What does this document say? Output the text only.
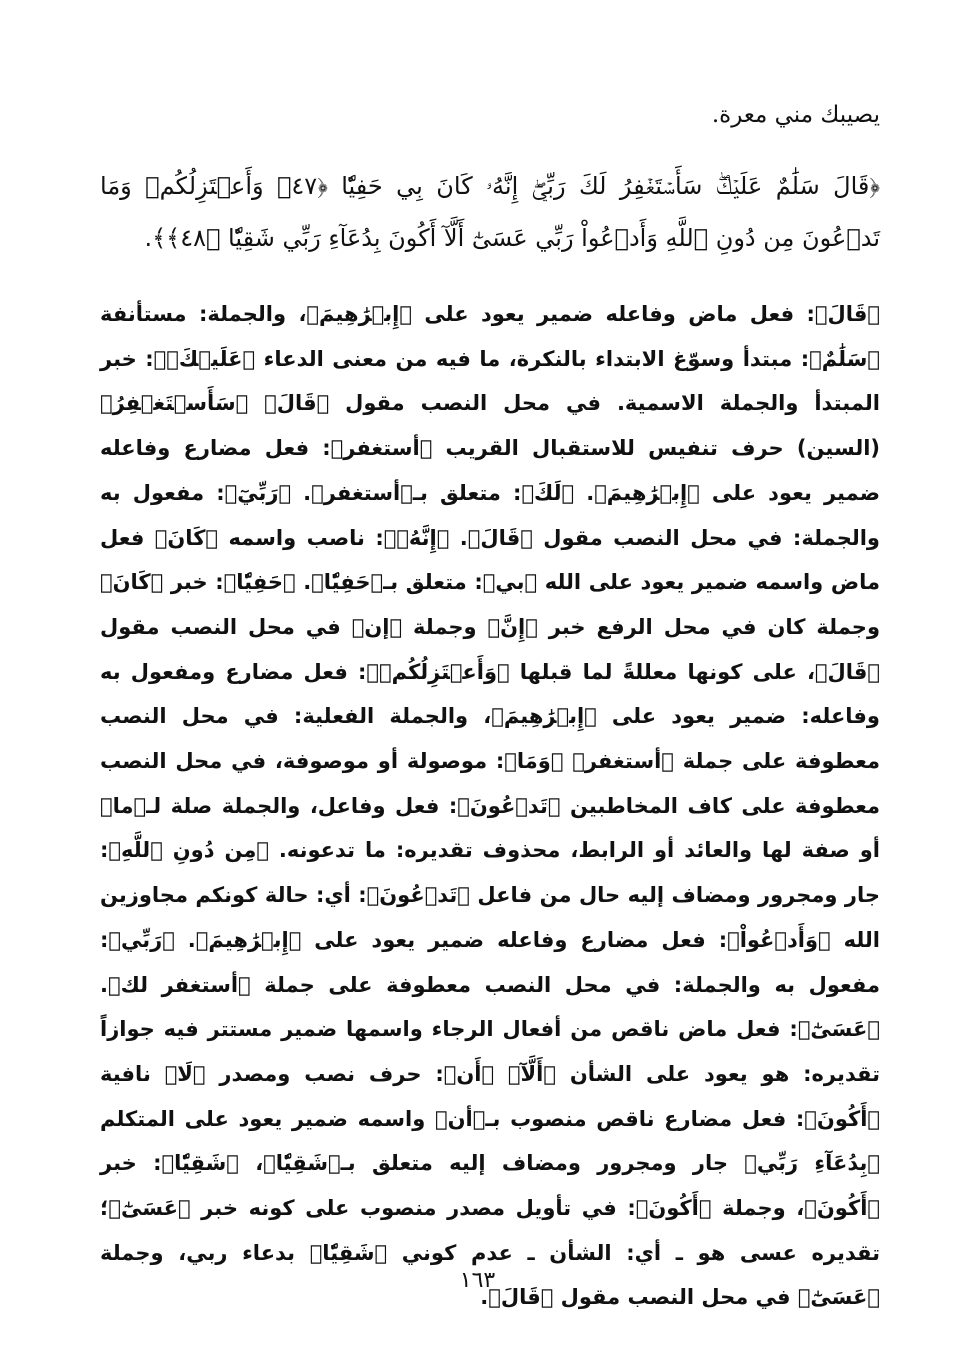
يصيبك مني معرة.
﴿قَالَ سَلَٰمٌ عَلَيۡكَۖ سَأَسۡتَغۡفِرُ لَكَ رَبِّيٓۖ إِنَّهُۥ كَانَ بِي حَفِيّٗا ﴿٤٧﴾ وَأَعۡتَزِلُكُمۡ وَمَا تَدۡعُونَ مِن دُونِ ٱللَّهِ وَأَدۡعُواْ رَبِّي عَسَىٰٓ أَلَّآ أَكُونَ بِدُعَآءِ رَبِّي شَقِيّٗا ﴿٤٨﴾﴾.
﴿قَالَ﴾: فعل ماض وفاعله ضمير يعود على ﴿إِبۡرَٰهِيمَ﴾، والجملة: مستأنفة ﴿سَلَٰمٌ﴾: مبتدأ وسوّغ الابتداء بالنكرة، ما فيه من معنى الدعاء ﴿عَلَيۡكَۖ﴾: خبر المبتدأ والجملة الاسمية. في محل النصب مقول ﴿قَالَ﴾ ﴿سَأَسۡتَغۡفِرُ﴾ (السين) حرف تنفيس للاستقبال القريب ﴿أستغفر﴾: فعل مضارع وفاعله ضمير يعود على ﴿إِبۡرَٰهِيمَ﴾. ﴿لَكَ﴾: متعلق بـ﴿أستغفر﴾. ﴿رَبِّيٓ﴾: مفعول به والجملة: في محل النصب مقول ﴿قَالَ﴾. ﴿إِنَّهُۥ﴾: ناصب واسمه ﴿كَانَ﴾ فعل ماض واسمه ضمير يعود على الله ﴿بي﴾: متعلق بـ﴿حَفِيّٗا﴾. ﴿حَفِيّٗا﴾: خبر ﴿كَانَ﴾ وجملة كان في محل الرفع خبر ﴿إِنَّ﴾ وجملة ﴿إن﴾ في محل النصب مقول ﴿قَالَ﴾، على كونها معللةً لما قبلها ﴿وَأَعۡتَزِلُكُمۡ﴾: فعل مضارع ومفعول به وفاعله: ضمير يعود على ﴿إِبۡرَٰهِيمَ﴾، والجملة الفعلية: في محل النصب معطوفة على جملة ﴿أستغفر﴾ ﴿وَمَا﴾: موصولة أو موصوفة، في محل النصب معطوفة على كاف المخاطبين ﴿تَدۡعُونَ﴾: فعل وفاعل، والجملة صلة لـ﴿ما﴾ أو صفة لها والعائد أو الرابط، محذوف تقديره: ما تدعونه. ﴿مِن دُونِ ٱللَّهِ﴾: جار ومجرور ومضاف إليه حال من فاعل ﴿تَدۡعُونَ﴾: أي: حالة كونكم مجاوزين الله ﴿وَأَدۡعُواْ﴾: فعل مضارع وفاعله ضمير يعود على ﴿إِبۡرَٰهِيمَ﴾. ﴿رَبِّي﴾: مفعول به والجملة: في محل النصب معطوفة على جملة ﴿أستغفر لك﴾. ﴿عَسَىٰٓ﴾: فعل ماض ناقص من أفعال الرجاء واسمها ضمير مستتر فيه جوازاً تقديره: هو يعود على الشأن ﴿أَلَّآ﴾ ﴿أَن﴾: حرف نصب ومصدر ﴿لَا﴾ نافية ﴿أَكُونَ﴾: فعل مضارع ناقص منصوب بـ﴿أن﴾ واسمه ضمير يعود على المتكلم ﴿بِدُعَآءِ رَبِّي﴾ جار ومجرور ومضاف إليه متعلق بـ﴿شَقِيّٗا﴾، ﴿شَقِيّٗا﴾: خبر ﴿أَكُونَ﴾، وجملة ﴿أَكُونَ﴾: في تأويل مصدر منصوب على كونه خبر ﴿عَسَىٰٓ﴾؛ تقديره عسى هو ـ أي: الشأن ـ عدم كوني ﴿شَقِيّٗا﴾ بدعاء ربي، وجملة ﴿عَسَىٰٓ﴾ في محل النصب مقول ﴿قَالَ﴾.
١٦٣
